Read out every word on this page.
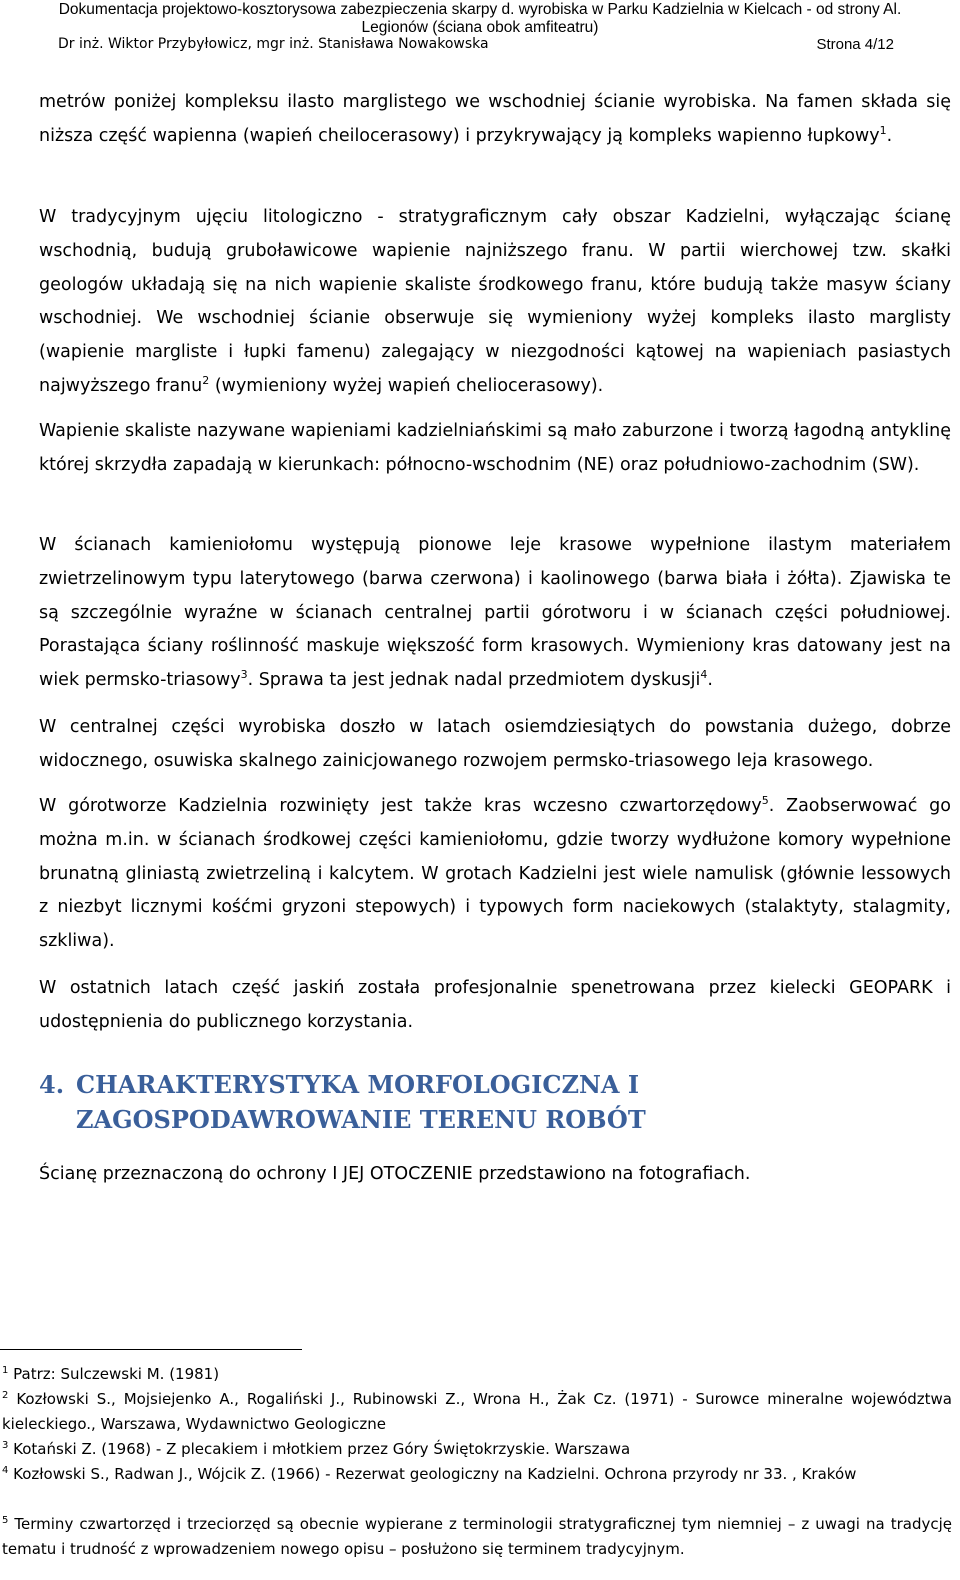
Dokumentacja projektowo-kosztorysowa zabezpieczenia skarpy d. wyrobiska w Parku Kadzielnia w Kielcach - od strony Al.
Legionów (ściana obok amfiteatru)
Dr inż. Wiktor Przybyłowicz, mgr inż. Stanisława Nowakowska	Strona 4/12

metrów poniżej kompleksu ilasto marglistego we wschodniej ścianie wyrobiska. Na famen składa się niższa część wapienna (wapień cheilocerasowy) i przykrywający ją kompleks wapienno łupkowy$^1$.

W tradycyjnym ujęciu litologiczno - stratygraficznym cały obszar Kadzielni, wyłączając ścianę wschodnią, budują gruboławicowe wapienie najniższego franu. W partii wierchowej tzw. skałki geologów układają się na nich wapienie skaliste środkowego franu, które budują także masyw ściany wschodniej. We wschodniej ścianie obserwuje się wymieniony wyżej kompleks ilasto marglisty (wapienie margliste i łupki famenu) zalegający w niezgodności kątowej na wapieniach pasiastych najwyższego franu$^2$ (wymieniony wyżej wapień cheliocerasowy).

Wapienie skaliste nazywane wapieniami kadzielniańskimi są mało zaburzone i tworzą łagodną antyklinę której skrzydła zapadają w kierunkach: północno-wschodnim (NE) oraz południowo-zachodnim (SW).

W ścianach kamieniołomu występują pionowe leje krasowe wypełnione ilastym materiałem zwietrzelinowym typu laterytowego (barwa czerwona) i kaolinowego (barwa biała i żółta). Zjawiska te są szczególnie wyraźne w ścianach centralnej partii górotworu i w ścianach części południowej. Porastająca ściany roślinność maskuje większość form krasowych. Wymieniony kras datowany jest na wiek permsko-triasowy$^3$. Sprawa ta jest jednak nadal przedmiotem dyskusji$^4$.

W centralnej części wyrobiska doszło w latach osiemdziesiątych do powstania dużego, dobrze widocznego, osuwiska skalnego zainicjowanego rozwojem permsko-triasowego leja krasowego.

W górotworze Kadzielnia rozwinięty jest także kras wczesno czwartorzędowy$^5$. Zaobserwować go można m.in. w ścianach środkowej części kamieniołomu, gdzie tworzy wydłużone komory wypełnione brunatną gliniastą zwietrzeliną i kalcytem. W grotach Kadzielni jest wiele namulisk (głównie lessowych z niezbyt licznymi kośćmi gryzoni stepowych) i typowych form naciekowych (stalaktyty, stalagmity, szkliwa).

W ostatnich latach część jaskiń została profesjonalnie spenetrowana przez kielecki GEOPARK i udostępnienia do publicznego korzystania.

Ścianę przeznaczoną do ochrony I JEJ OTOCZENIE przedstawiono na fotografiach.

4. CHARAKTERYSTYKA MORFOLOGICZNA I
ZAGOSPODAWROWANIE TERENU ROBÓT
$^1$ Patrz: Sulczewski M. (1981)
$^2$ Kozłowski S., Mojsiejenko A., Rogaliński J., Rubinowski Z., Wrona H., Żak Cz. (1971) - Surowce mineralne województwa kieleckiego., Warszawa, Wydawnictwo Geologiczne
$^3$ Kotański Z. (1968) - Z plecakiem i młotkiem przez Góry Świętokrzyskie. Warszawa
$^4$ Kozłowski S., Radwan J., Wójcik Z. (1966) - Rezerwat geologiczny na Kadzielni. Ochrona przyrody nr 33. , Kraków
$^5$ Terminy czwartorzęd i trzeciorzęd są obecnie wypierane z terminologii stratygraficznej tym niemniej – z uwagi na tradycję tematu i trudność z wprowadzeniem nowego opisu – posłużono się terminem tradycyjnym.
